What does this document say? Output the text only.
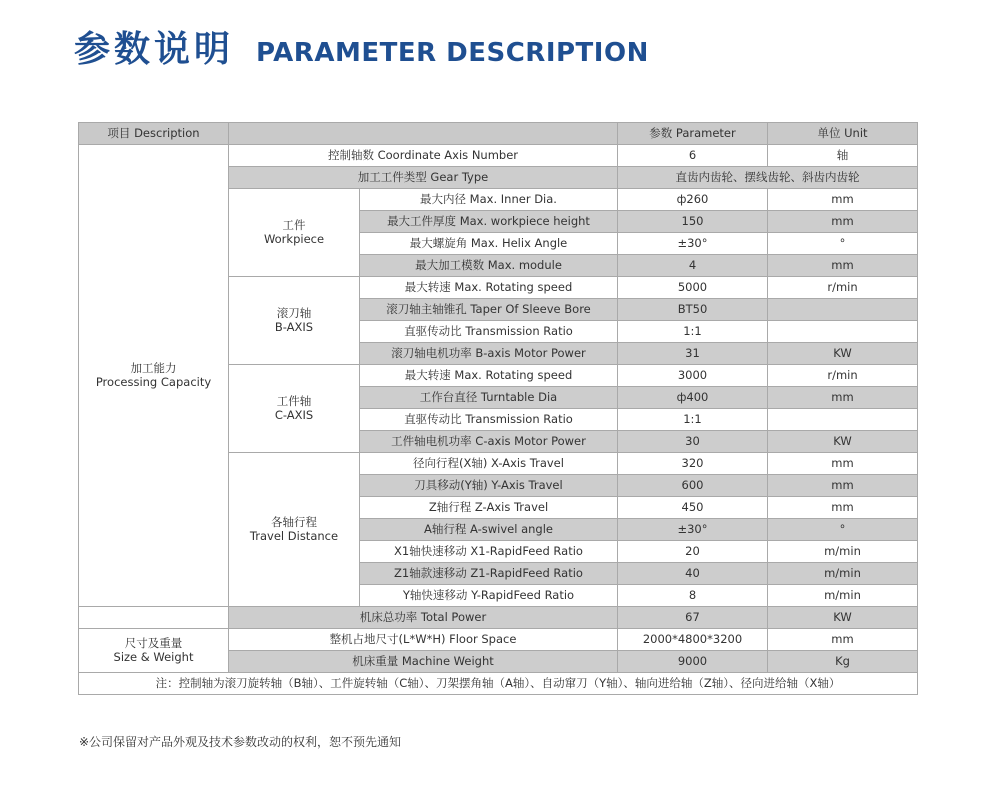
参数说明 PARAMETER DESCRIPTION
项目 Description			参数 Parameter	单位 Unit

加工能力
Processing Capacity	控制轴数 Coordinate Axis Number		6	轴
	加工工件类型 Gear Type		直齿内齿轮、摆线齿轮、斜齿内齿轮	

	工件
Workpiece	最大内径 Max. Inner Dia.	ф260	mm
		最大工件厚度 Max. workpiece height	150	mm
		最大螺旋角 Max. Helix Angle	±30°	°
		最大加工模数 Max. module	4	mm

	滚刀轴
B-AXIS	最大转速 Max. Rotating speed	5000	r/min
		滚刀轴主轴锥孔 Taper Of Sleeve Bore	BT50	
		直驱传动比 Transmission Ratio	1:1	
		滚刀轴电机功率 B-axis Motor Power	31	KW

	工件轴
C-AXIS	最大转速 Max. Rotating speed	3000	r/min
		工作台直径 Turntable Dia	ф400	mm
		直驱传动比 Transmission Ratio	1:1	
		工件轴电机功率 C-axis Motor Power	30	KW

	各轴行程
Travel Distance	径向行程(X轴) X-Axis Travel	320	mm
		刀具移动(Y轴) Y-Axis Travel	600	mm
		Z轴行程 Z-Axis Travel	450	mm
		A轴行程 A-swivel angle	±30°	°
		X1轴快速移动 X1-RapidFeed Ratio	20	m/min
		Z1轴款速移动 Z1-RapidFeed Ratio	40	m/min
		Y轴快速移动 Y-RapidFeed Ratio	8	m/min
	机床总功率 Total Power		67	KW

尺寸及重量
Size & Weight	整机占地尺寸(L*W*H) Floor Space		2000*4800*3200	mm
	机床重量 Machine Weight		9000	Kg
注：控制轴为滚刀旋转轴（B轴）、工件旋转轴（C轴）、刀架摆角轴（A轴）、自动窜刀（Y轴）、轴向进给轴（Z轴）、径向进给轴（X轴）				
※公司保留对产品外观及技术参数改动的权利，恕不预先通知
